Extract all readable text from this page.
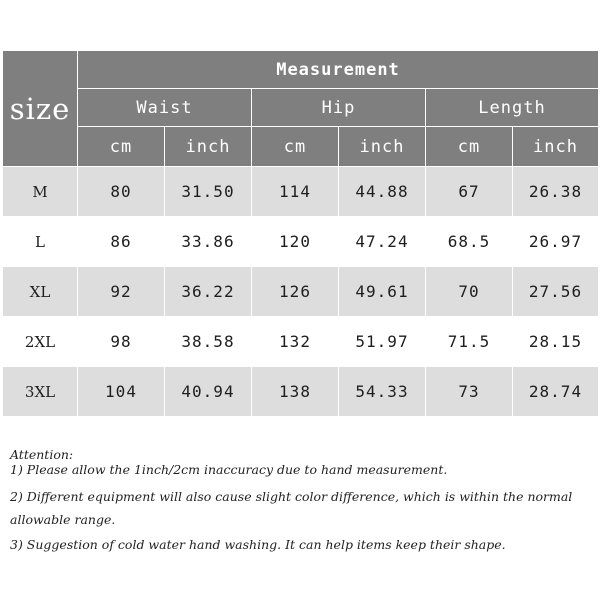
size	Measurement					
	Waist		Hip		Length	
	cm	inch	cm	inch	cm	inch
M	80	31.50	114	44.88	67	26.38
L	86	33.86	120	47.24	68.5	26.97
XL	92	36.22	126	49.61	70	27.56
2XL	98	38.58	132	51.97	71.5	28.15
3XL	104	40.94	138	54.33	73	28.74

Attention:

1) Please allow the 1inch/2cm inaccuracy due to hand measurement.

2) Different equipment will also cause slight color difference, which is within the normal allowable range.

3) Suggestion of cold water hand washing. It can help items keep their shape.
